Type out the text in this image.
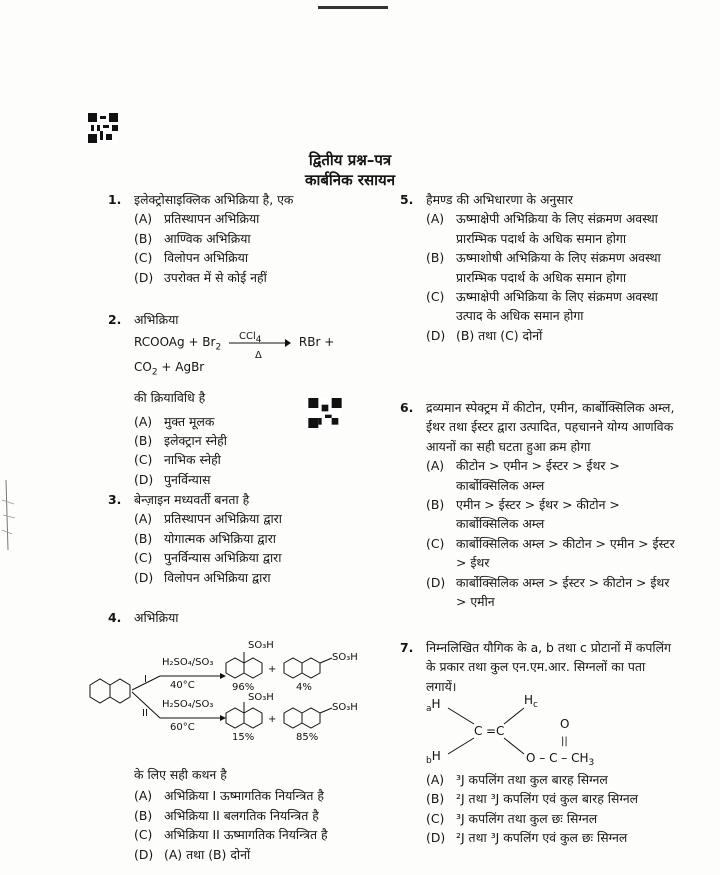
द्वितीय प्रश्न–पत्र
कार्बनिक रसायन
1. इलेक्ट्रोसाइक्लिक अभिक्रिया है, एक
(A) प्रतिस्थापन अभिक्रिया
(B) आण्विक अभिक्रिया
(C) विलोपन अभिक्रिया
(D) उपरोक्त में से कोई नहीं
2. अभिक्रिया
RCOOAg + $Br_2$
CCl$_4$
Δ
RBr +
$CO_2$ + AgBr
की क्रियाविधि है
(A) मुक्त मूलक
(B) इलेक्ट्रान स्नेही
(C) नाभिक स्नेही
(D) पुनर्विन्यास
3. बेन्ज़ाइन मध्यवर्ती बनता है
(A) प्रतिस्थापन अभिक्रिया द्वारा
(B) योगात्मक अभिक्रिया द्वारा
(C) पुनर्विन्यास अभिक्रिया द्वारा
(D) विलोपन अभिक्रिया द्वारा
4. अभिक्रिया
H₂SO₄/SO₃
40°C
I
H₂SO₄/SO₃
60°C
II
SO₃H
+
SO₃H
96%	4%
SO₃H
+
SO₃H
15%	85%
के लिए सही कथन है
(A) अभिक्रिया I ऊष्मागतिक नियन्त्रित है
(B) अभिक्रिया II बलगतिक नियन्त्रित है
(C) अभिक्रिया II ऊष्मागतिक नियन्त्रित है
(D) (A) तथा (B) दोनों
5. हैमण्ड की अभिधारणा के अनुसार
(A) ऊष्माक्षेपी अभिक्रिया के लिए संक्रमण अवस्था प्रारम्भिक पदार्थ के अधिक समान होगा
(B) ऊष्माशोषी अभिक्रिया के लिए संक्रमण अवस्था प्रारम्भिक पदार्थ के अधिक समान होगा
(C) ऊष्माक्षेपी अभिक्रिया के लिए संक्रमण अवस्था उत्पाद के अधिक समान होगा
(D) (B) तथा (C) दोनों
6. द्रव्यमान स्पेक्ट्रम में कीटोन, एमीन, कार्बोक्सिलिक अम्ल, ईथर तथा ईस्टर द्वारा उत्पादित, पहचानने योग्य आणविक आयनों का सही घटता हुआ क्रम होगा
(A) कीटोन > एमीन > ईस्टर > ईथर > कार्बोक्सिलिक अम्ल
(B) एमीन > ईस्टर > ईथर > कीटोन > कार्बोक्सिलिक अम्ल
(C) कार्बोक्सिलिक अम्ल > कीटोन > एमीन > ईस्टर > ईथर
(D) कार्बोक्सिलिक अम्ल > ईस्टर > कीटोन > ईथर > एमीन
7. निम्नलिखित यौगिक के a, b तथा c प्रोटानों में कपलिंग के प्रकार तथा कुल एन.एम.आर. सिग्नलों का पता लगायें।
$_a$H
$_b$H
$H_c$
C = C	O
||
O – C – $CH_3$
(A) ³J कपलिंग तथा कुल बारह सिग्नल
(B) ²J तथा ³J कपलिंग एवं कुल बारह सिग्नल
(C) ³J कपलिंग तथा कुल छः सिग्नल
(D) ²J तथा ³J कपलिंग एवं कुल छः सिग्नल
